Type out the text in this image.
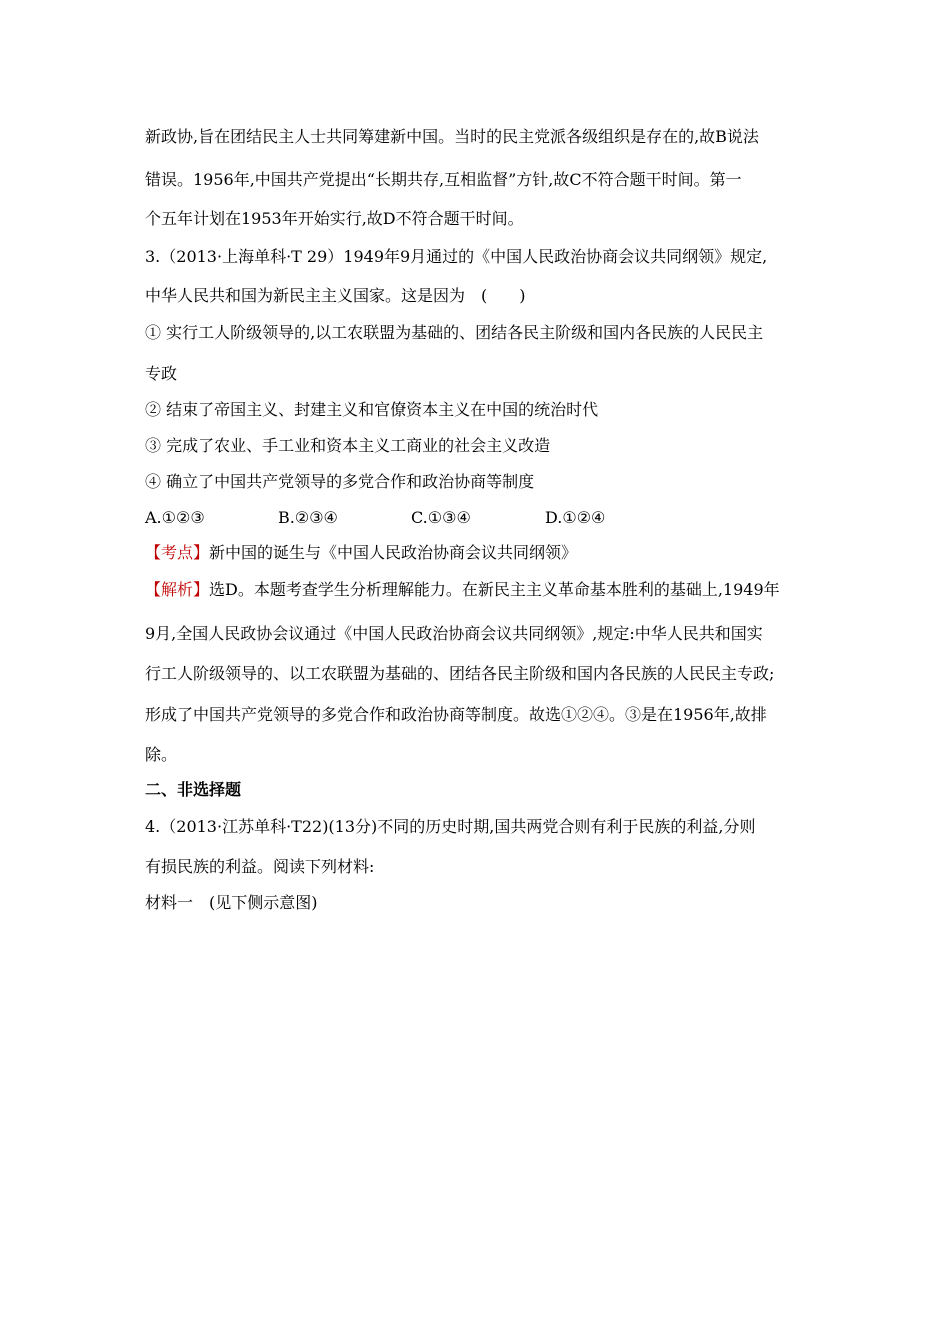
新政协,旨在团结民主人士共同筹建新中国。当时的民主党派各级组织是存在的,故B说法
错误。1956年,中国共产党提出“长期共存,互相监督”方针,故C不符合题干时间。第一
个五年计划在1953年开始实行,故D不符合题干时间。
3.（2013·上海单科·T 29）1949年9月通过的《中国人民政治协商会议共同纲领》规定,
中华人民共和国为新民主主义国家。这是因为　(　　)
① 实行工人阶级领导的,以工农联盟为基础的、团结各民主阶级和国内各民族的人民民主
专政
② 结束了帝国主义、封建主义和官僚资本主义在中国的统治时代
③ 完成了农业、手工业和资本主义工商业的社会主义改造
④ 确立了中国共产党领导的多党合作和政治协商等制度
A.①②③	B.②③④	C.①③④	D.①②④
【考点】新中国的诞生与《中国人民政治协商会议共同纲领》
【解析】选D。本题考查学生分析理解能力。在新民主主义革命基本胜利的基础上,1949年
9月,全国人民政协会议通过《中国人民政治协商会议共同纲领》,规定:中华人民共和国实
行工人阶级领导的、以工农联盟为基础的、团结各民主阶级和国内各民族的人民民主专政;
形成了中国共产党领导的多党合作和政治协商等制度。故选①②④。③是在1956年,故排
除。
二、非选择题
4.（2013·江苏单科·T22)(13分)不同的历史时期,国共两党合则有利于民族的利益,分则
有损民族的利益。阅读下列材料:
材料一　(见下侧示意图)
